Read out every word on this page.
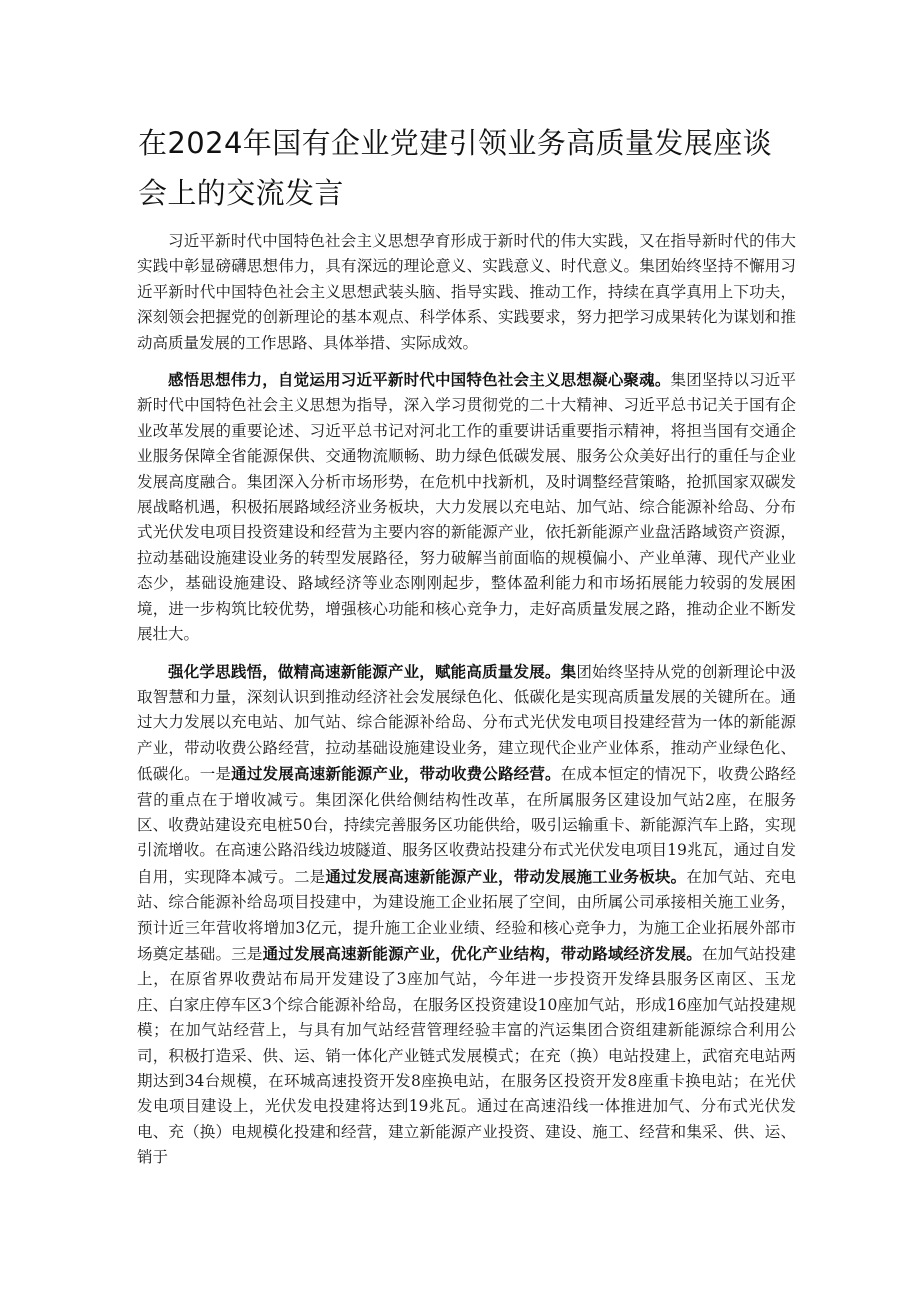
在2024年国有企业党建引领业务高质量发展座谈会上的交流发言

习近平新时代中国特色社会主义思想孕育形成于新时代的伟大实践，又在指导新时代的伟大实践中彰显磅礴思想伟力，具有深远的理论意义、实践意义、时代意义。集团始终坚持不懈用习近平新时代中国特色社会主义思想武装头脑、指导实践、推动工作，持续在真学真用上下功夫，深刻领会把握党的创新理论的基本观点、科学体系、实践要求，努力把学习成果转化为谋划和推动高质量发展的工作思路、具体举措、实际成效。

感悟思想伟力，自觉运用习近平新时代中国特色社会主义思想凝心聚魂。集团坚持以习近平新时代中国特色社会主义思想为指导，深入学习贯彻党的二十大精神、习近平总书记关于国有企业改革发展的重要论述、习近平总书记对河北工作的重要讲话重要指示精神，将担当国有交通企业服务保障全省能源保供、交通物流顺畅、助力绿色低碳发展、服务公众美好出行的重任与企业发展高度融合。集团深入分析市场形势，在危机中找新机，及时调整经营策略，抢抓国家双碳发展战略机遇，积极拓展路域经济业务板块，大力发展以充电站、加气站、综合能源补给岛、分布式光伏发电项目投资建设和经营为主要内容的新能源产业，依托新能源产业盘活路域资产资源，拉动基础设施建设业务的转型发展路径，努力破解当前面临的规模偏小、产业单薄、现代产业业态少，基础设施建设、路域经济等业态刚刚起步，整体盈利能力和市场拓展能力较弱的发展困境，进一步构筑比较优势，增强核心功能和核心竞争力，走好高质量发展之路，推动企业不断发展壮大。

强化学思践悟，做精高速新能源产业，赋能高质量发展。集团始终坚持从党的创新理论中汲取智慧和力量，深刻认识到推动经济社会发展绿色化、低碳化是实现高质量发展的关键所在。通过大力发展以充电站、加气站、综合能源补给岛、分布式光伏发电项目投建经营为一体的新能源产业，带动收费公路经营，拉动基础设施建设业务，建立现代企业产业体系，推动产业绿色化、低碳化。一是通过发展高速新能源产业，带动收费公路经营。在成本恒定的情况下，收费公路经营的重点在于增收减亏。集团深化供给侧结构性改革，在所属服务区建设加气站2座，在服务区、收费站建设充电桩50台，持续完善服务区功能供给，吸引运输重卡、新能源汽车上路，实现引流增收。在高速公路沿线边坡隧道、服务区收费站投建分布式光伏发电项目19兆瓦，通过自发自用，实现降本减亏。二是通过发展高速新能源产业，带动发展施工业务板块。在加气站、充电站、综合能源补给岛项目投建中，为建设施工企业拓展了空间，由所属公司承接相关施工业务，预计近三年营收将增加3亿元，提升施工企业业绩、经验和核心竞争力，为施工企业拓展外部市场奠定基础。三是通过发展高速新能源产业，优化产业结构，带动路域经济发展。在加气站投建上，在原省界收费站布局开发建设了3座加气站，今年进一步投资开发绛县服务区南区、玉龙庄、白家庄停车区3个综合能源补给岛，在服务区投资建设10座加气站，形成16座加气站投建规模；在加气站经营上，与具有加气站经营管理经验丰富的汽运集团合资组建新能源综合利用公司，积极打造采、供、运、销一体化产业链式发展模式；在充（换）电站投建上，武宿充电站两期达到34台规模，在环城高速投资开发8座换电站，在服务区投资开发8座重卡换电站；在光伏发电项目建设上，光伏发电投建将达到19兆瓦。通过在高速沿线一体推进加气、分布式光伏发电、充（换）电规模化投建和经营，建立新能源产业投资、建设、施工、经营和集采、供、运、销于
